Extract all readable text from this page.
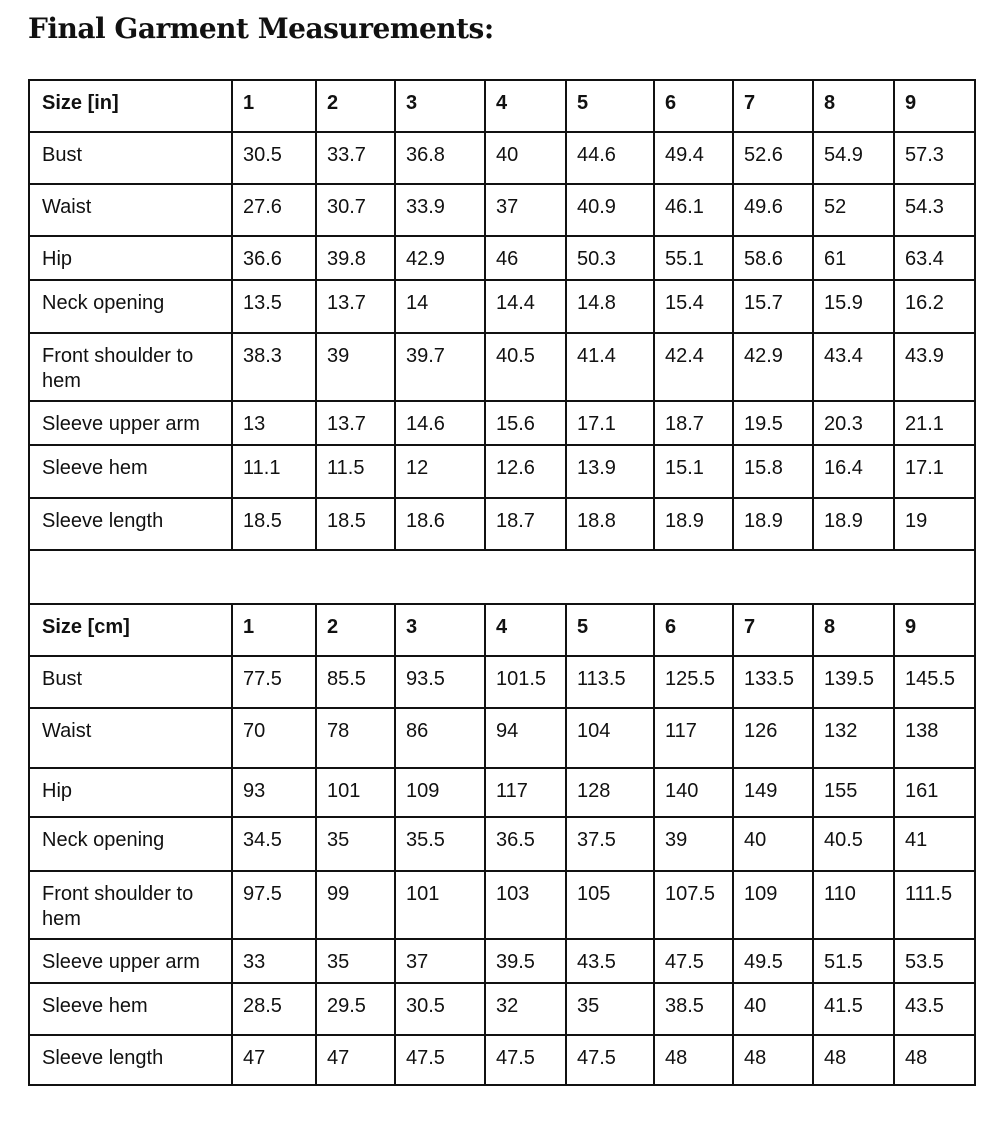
Final Garment Measurements:
Size [in]	1	2	3	4	5	6	7	8	9
Bust	30.5	33.7	36.8	40	44.6	49.4	52.6	54.9	57.3
Waist	27.6	30.7	33.9	37	40.9	46.1	49.6	52	54.3
Hip	36.6	39.8	42.9	46	50.3	55.1	58.6	61	63.4
Neck opening	13.5	13.7	14	14.4	14.8	15.4	15.7	15.9	16.2
Front shoulder to hem	38.3	39	39.7	40.5	41.4	42.4	42.9	43.4	43.9
Sleeve upper arm	13	13.7	14.6	15.6	17.1	18.7	19.5	20.3	21.1
Sleeve hem	11.1	11.5	12	12.6	13.9	15.1	15.8	16.4	17.1
Sleeve length	18.5	18.5	18.6	18.7	18.8	18.9	18.9	18.9	19

Size [cm]	1	2	3	4	5	6	7	8	9
Bust	77.5	85.5	93.5	101.5	113.5	125.5	133.5	139.5	145.5
Waist	70	78	86	94	104	117	126	132	138
Hip	93	101	109	117	128	140	149	155	161
Neck opening	34.5	35	35.5	36.5	37.5	39	40	40.5	41
Front shoulder to hem	97.5	99	101	103	105	107.5	109	110	111.5
Sleeve upper arm	33	35	37	39.5	43.5	47.5	49.5	51.5	53.5
Sleeve hem	28.5	29.5	30.5	32	35	38.5	40	41.5	43.5
Sleeve length	47	47	47.5	47.5	47.5	48	48	48	48
